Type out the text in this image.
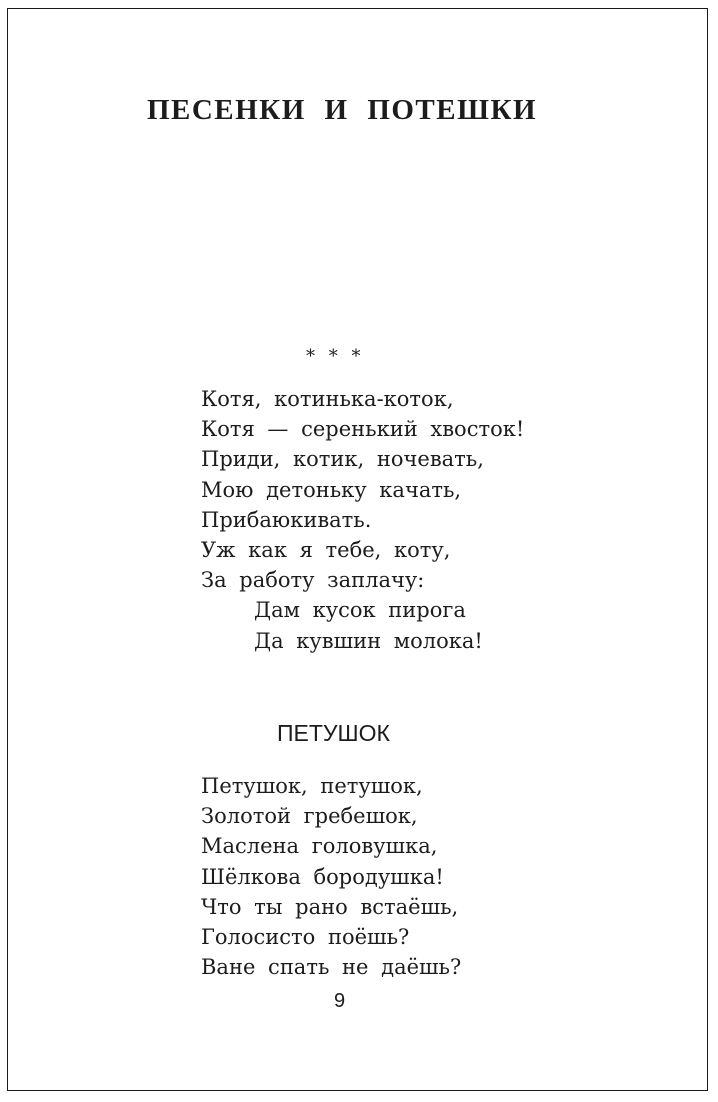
ПЕСЕНКИ И ПОТЕШКИ
* * *
Котя, котинька-коток,
Котя — серенький хвосток!
Приди, котик, ночевать,
Мою детоньку качать,
Прибаюкивать.
Уж как я тебе, коту,
За работу заплачу:
Дам кусок пирога
Да кувшин молока!
ПЕТУШОК
Петушок, петушок,
Золотой гребешок,
Маслена головушка,
Шёлкова бородушка!
Что ты рано встаёшь,
Голосисто поёшь?
Ване спать не даёшь?
9
